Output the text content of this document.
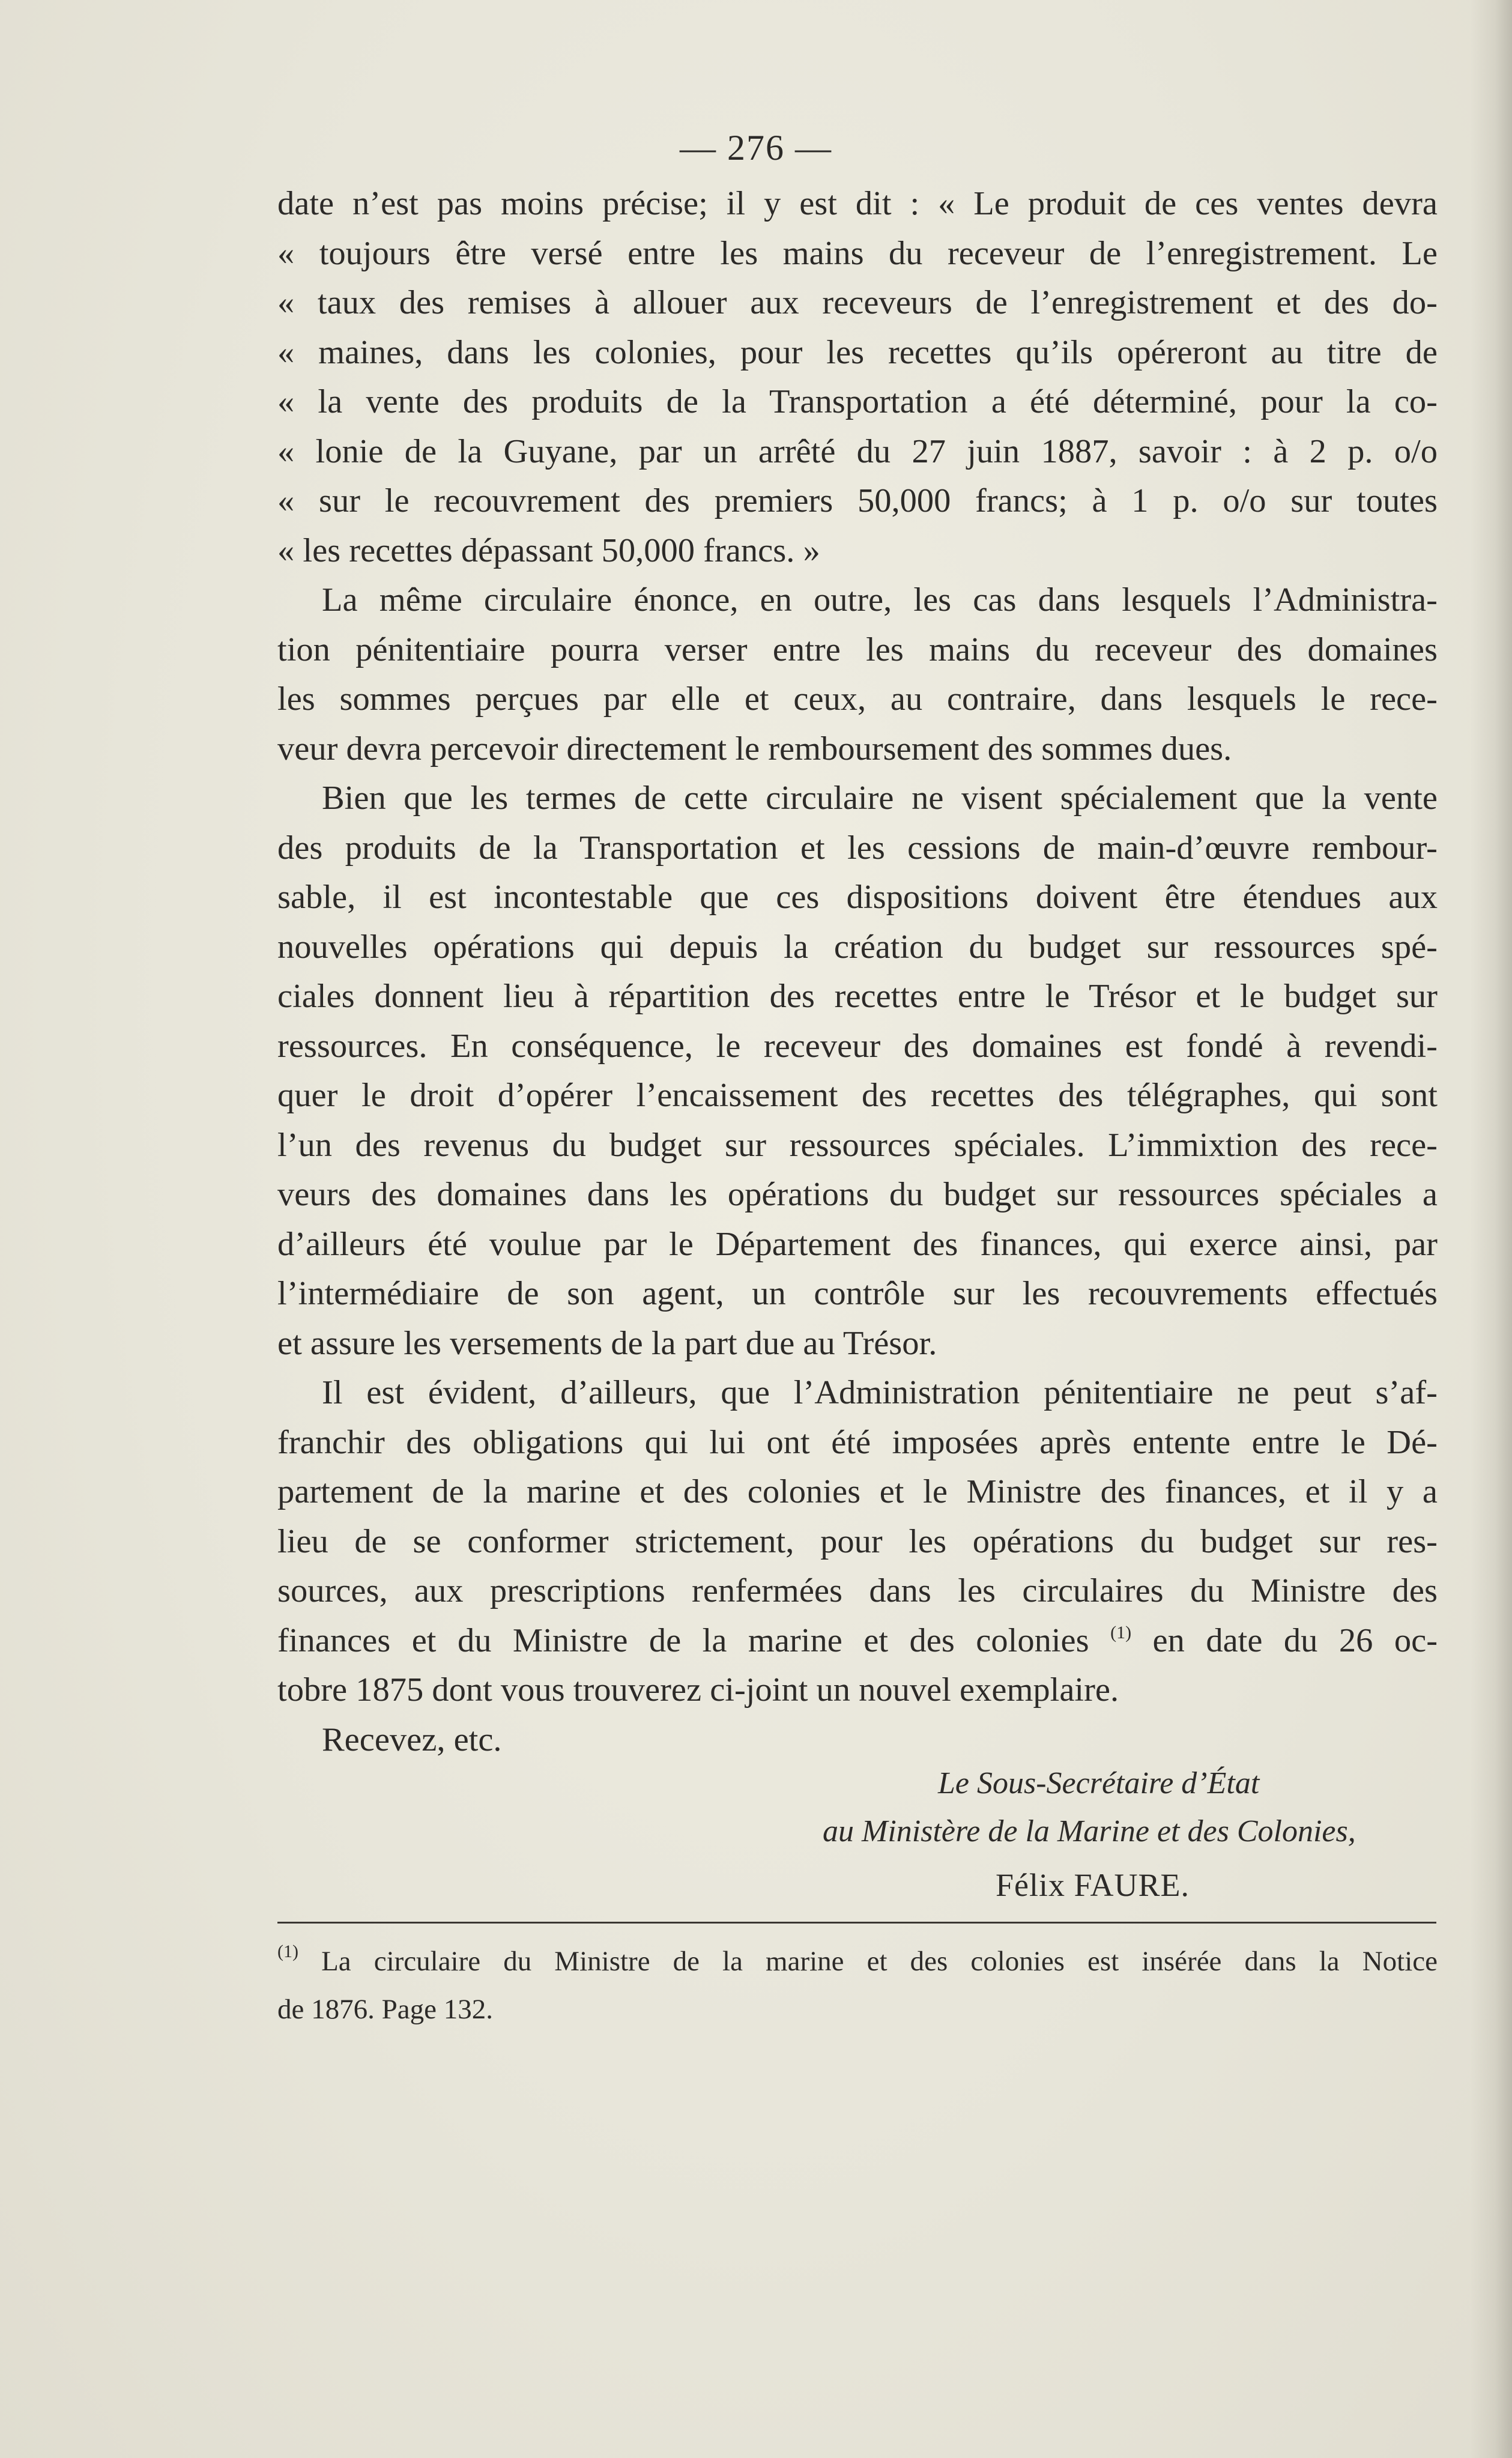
— 276 —
date n’est pas moins précise; il y est dit : « Le produit de ces ventes devra
« toujours être versé entre les mains du receveur de l’enregistrement. Le
« taux des remises à allouer aux receveurs de l’enregistrement et des do-
« maines, dans les colonies, pour les recettes qu’ils opéreront au titre de
« la vente des produits de la Transportation a été déterminé, pour la co-
« lonie de la Guyane, par un arrêté du 27 juin 1887, savoir : à 2 p. o/o
« sur le recouvrement des premiers 50,000 francs; à 1 p. o/o sur toutes
« les recettes dépassant 50,000 francs. »
La même circulaire énonce, en outre, les cas dans lesquels l’Administra-
tion pénitentiaire pourra verser entre les mains du receveur des domaines
les sommes perçues par elle et ceux, au contraire, dans lesquels le rece-
veur devra percevoir directement le remboursement des sommes dues.
Bien que les termes de cette circulaire ne visent spécialement que la vente
des produits de la Transportation et les cessions de main-d’œuvre rembour-
sable, il est incontestable que ces dispositions doivent être étendues aux
nouvelles opérations qui depuis la création du budget sur ressources spé-
ciales donnent lieu à répartition des recettes entre le Trésor et le budget sur
ressources. En conséquence, le receveur des domaines est fondé à revendi-
quer le droit d’opérer l’encaissement des recettes des télégraphes, qui sont
l’un des revenus du budget sur ressources spéciales. L’immixtion des rece-
veurs des domaines dans les opérations du budget sur ressources spéciales a
d’ailleurs été voulue par le Département des finances, qui exerce ainsi, par
l’intermédiaire de son agent, un contrôle sur les recouvrements effectués
et assure les versements de la part due au Trésor.
Il est évident, d’ailleurs, que l’Administration pénitentiaire ne peut s’af-
franchir des obligations qui lui ont été imposées après entente entre le Dé-
partement de la marine et des colonies et le Ministre des finances, et il y a
lieu de se conformer strictement, pour les opérations du budget sur res-
sources, aux prescriptions renfermées dans les circulaires du Ministre des
finances et du Ministre de la marine et des colonies $^{(1)}$ en date du 26 oc-
tobre 1875 dont vous trouverez ci-joint un nouvel exemplaire.
Recevez, etc.
Le Sous-Secrétaire d’État
au Ministère de la Marine et des Colonies,
Félix FAURE.
$^{(1)}$ La circulaire du Ministre de la marine et des colonies est insérée dans la Notice
de 1876. Page 132.
